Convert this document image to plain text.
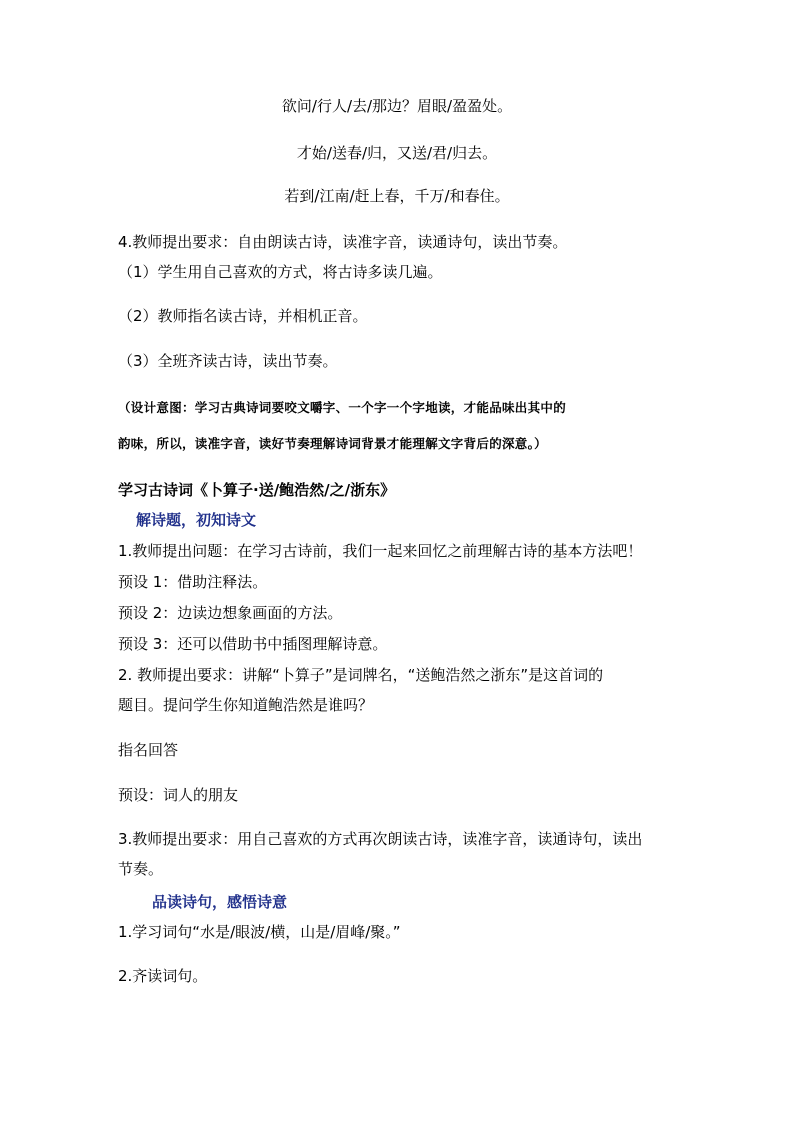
欲问/行人/去/那边？眉眼/盈盈处。
才始/送春/归，又送/君/归去。
若到/江南/赶上春，千万/和春住。
4.教师提出要求：自由朗读古诗，读准字音，读通诗句，读出节奏。
（1）学生用自己喜欢的方式，将古诗多读几遍。
（2）教师指名读古诗，并相机正音。
（3）全班齐读古诗，读出节奏。
（设计意图：学习古典诗词要咬文嚼字、一个字一个字地读，才能品味出其中的
韵味，所以，读准字音，读好节奏理解诗词背景才能理解文字背后的深意。）
学习古诗词《卜算子·送/鲍浩然/之/浙东》
解诗题，初知诗文
1.教师提出问题：在学习古诗前，我们一起来回忆之前理解古诗的基本方法吧！
预设 1：借助注释法。
预设 2：边读边想象画面的方法。
预设 3：还可以借助书中插图理解诗意。
2. 教师提出要求：讲解“卜算子”是词牌名，“送鲍浩然之浙东”是这首词的
题目。提问学生你知道鲍浩然是谁吗？
指名回答
预设：词人的朋友
3.教师提出要求：用自己喜欢的方式再次朗读古诗，读准字音，读通诗句，读出
节奏。
品读诗句，感悟诗意
1.学习词句“水是/眼波/横，山是/眉峰/聚。”
2.齐读词句。
